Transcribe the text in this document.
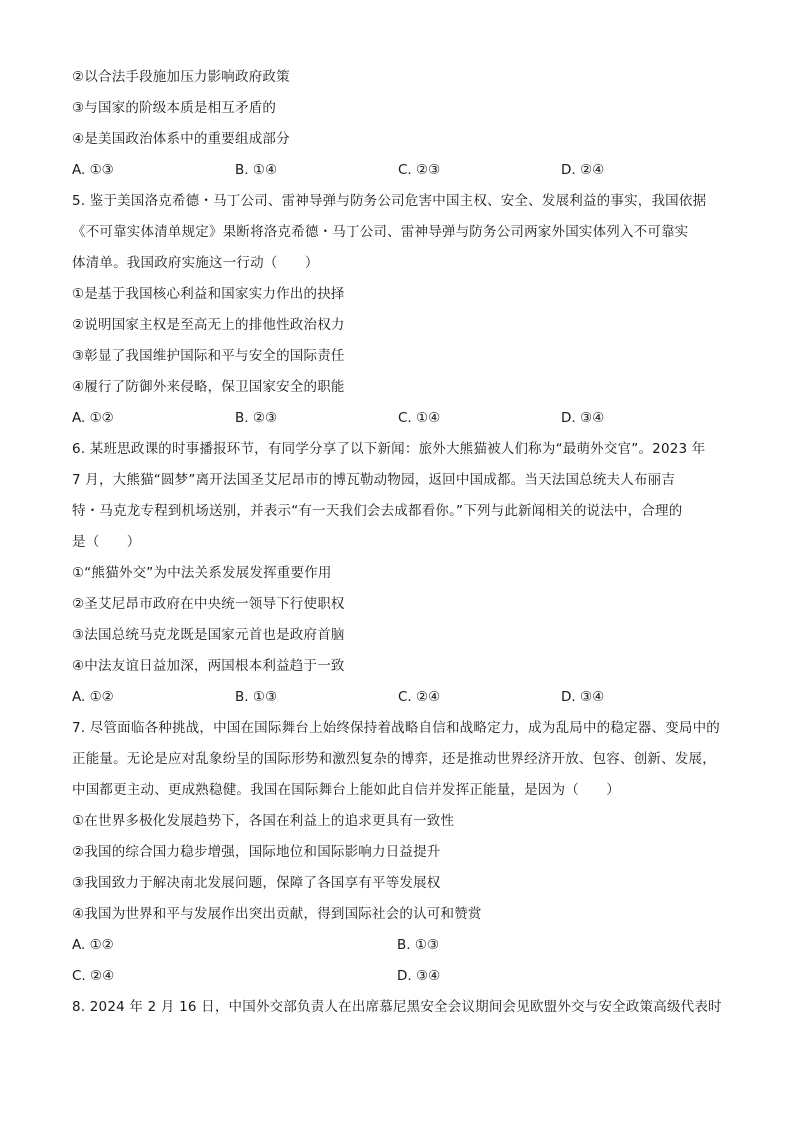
②以合法手段施加压力影响政府政策
③与国家的阶级本质是相互矛盾的
④是美国政治体系中的重要组成部分
A. ①③	B. ①④	C. ②③	D. ②④
5. 鉴于美国洛克希德・马丁公司、雷神导弹与防务公司危害中国主权、安全、发展利益的事实，我国依据
《不可靠实体清单规定》果断将洛克希德・马丁公司、雷神导弹与防务公司两家外国实体列入不可靠实
体清单。我国政府实施这一行动（　　）
①是基于我国核心利益和国家实力作出的抉择
②说明国家主权是至高无上的排他性政治权力
③彰显了我国维护国际和平与安全的国际责任
④履行了防御外来侵略，保卫国家安全的职能
A. ①②	B. ②③	C. ①④	D. ③④
6. 某班思政课的时事播报环节，有同学分享了以下新闻：旅外大熊猫被人们称为“最萌外交官”。2023 年
7 月，大熊猫“圆梦”离开法国圣艾尼昂市的博瓦勒动物园，返回中国成都。当天法国总统夫人布丽吉
特・马克龙专程到机场送别，并表示“有一天我们会去成都看你。”下列与此新闻相关的说法中，合理的
是（　　）
①“熊猫外交”为中法关系发展发挥重要作用
②圣艾尼昂市政府在中央统一领导下行使职权
③法国总统马克龙既是国家元首也是政府首脑
④中法友谊日益加深，两国根本利益趋于一致
A. ①②	B. ①③	C. ②④	D. ③④
7. 尽管面临各种挑战，中国在国际舞台上始终保持着战略自信和战略定力，成为乱局中的稳定器、变局中的
正能量。无论是应对乱象纷呈的国际形势和激烈复杂的博弈，还是推动世界经济开放、包容、创新、发展，
中国都更主动、更成熟稳健。我国在国际舞台上能如此自信并发挥正能量，是因为（　　）
①在世界多极化发展趋势下，各国在利益上的追求更具有一致性
②我国的综合国力稳步增强，国际地位和国际影响力日益提升
③我国致力于解决南北发展问题，保障了各国享有平等发展权
④我国为世界和平与发展作出突出贡献，得到国际社会的认可和赞赏
A. ①②	B. ①③
C. ②④	D. ③④
8. 2024 年 2 月 16 日，中国外交部负责人在出席慕尼黑安全会议期间会见欧盟外交与安全政策高级代表时
